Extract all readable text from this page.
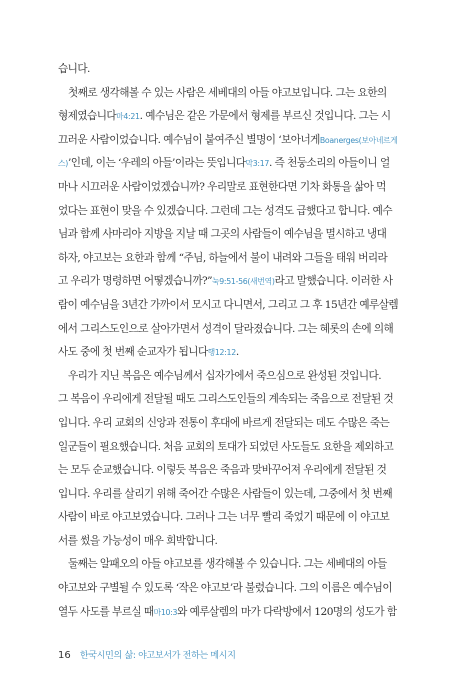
습니다.
첫째로 생각해볼 수 있는 사람은 세베대의 아들 야고보입니다. 그는 요한의
형제였습니다마4:21. 예수님은 같은 가문에서 형제를 부르신 것입니다. 그는 시
끄러운 사람이었습니다. 예수님이 붙여주신 별명이 ‘보아너게Boanerges(보아네르게
스)’인데, 이는 ‘우레의 아들’이라는 뜻입니다막3:17. 즉 천둥소리의 아들이니 얼
마나 시끄러운 사람이었겠습니까? 우리말로 표현한다면 기차 화통을 삶아 먹
었다는 표현이 맞을 수 있겠습니다. 그런데 그는 성격도 급했다고 합니다. 예수
님과 함께 사마리아 지방을 지날 때 그곳의 사람들이 예수님을 멸시하고 냉대
하자, 야고보는 요한과 함께 “주님, 하늘에서 불이 내려와 그들을 태워 버리라
고 우리가 명령하면 어떻겠습니까?”눅9:51-56(새번역)라고 말했습니다. 이러한 사
람이 예수님을 3년간 가까이서 모시고 다니면서, 그리고 그 후 15년간 예루살렘
에서 그리스도인으로 살아가면서 성격이 달라졌습니다. 그는 혜롯의 손에 의해
사도 중에 첫 번째 순교자가 됩니다행12:12.
우리가 지닌 복음은 예수님께서 십자가에서 죽으심으로 완성된 것입니다.
그 복음이 우리에게 전달될 때도 그리스도인들의 계속되는 죽음으로 전달된 것
입니다. 우리 교회의 신앙과 전통이 후대에 바르게 전달되는 데도 수많은 죽는
일군들이 필요했습니다. 처음 교회의 토대가 되었던 사도들도 요한을 제외하고
는 모두 순교했습니다. 이렇듯 복음은 죽음과 맞바꾸어져 우리에게 전달된 것
입니다. 우리를 살리기 위해 죽어간 수많은 사람들이 있는데, 그중에서 첫 번째
사람이 바로 야고보였습니다. 그러나 그는 너무 빨리 죽었기 때문에 이 야고보
서를 썼을 가능성이 매우 희박합니다.
둘째는 알패오의 아들 야고보를 생각해볼 수 있습니다. 그는 세베대의 아들
야고보와 구별될 수 있도록 ‘작은 야고보’라 불렸습니다. 그의 이름은 예수님이
열두 사도를 부르실 때마10:3와 예루살렘의 마가 다락방에서 120명의 성도가 함
16 한국시민의 삶: 야고보서가 전하는 메시지
